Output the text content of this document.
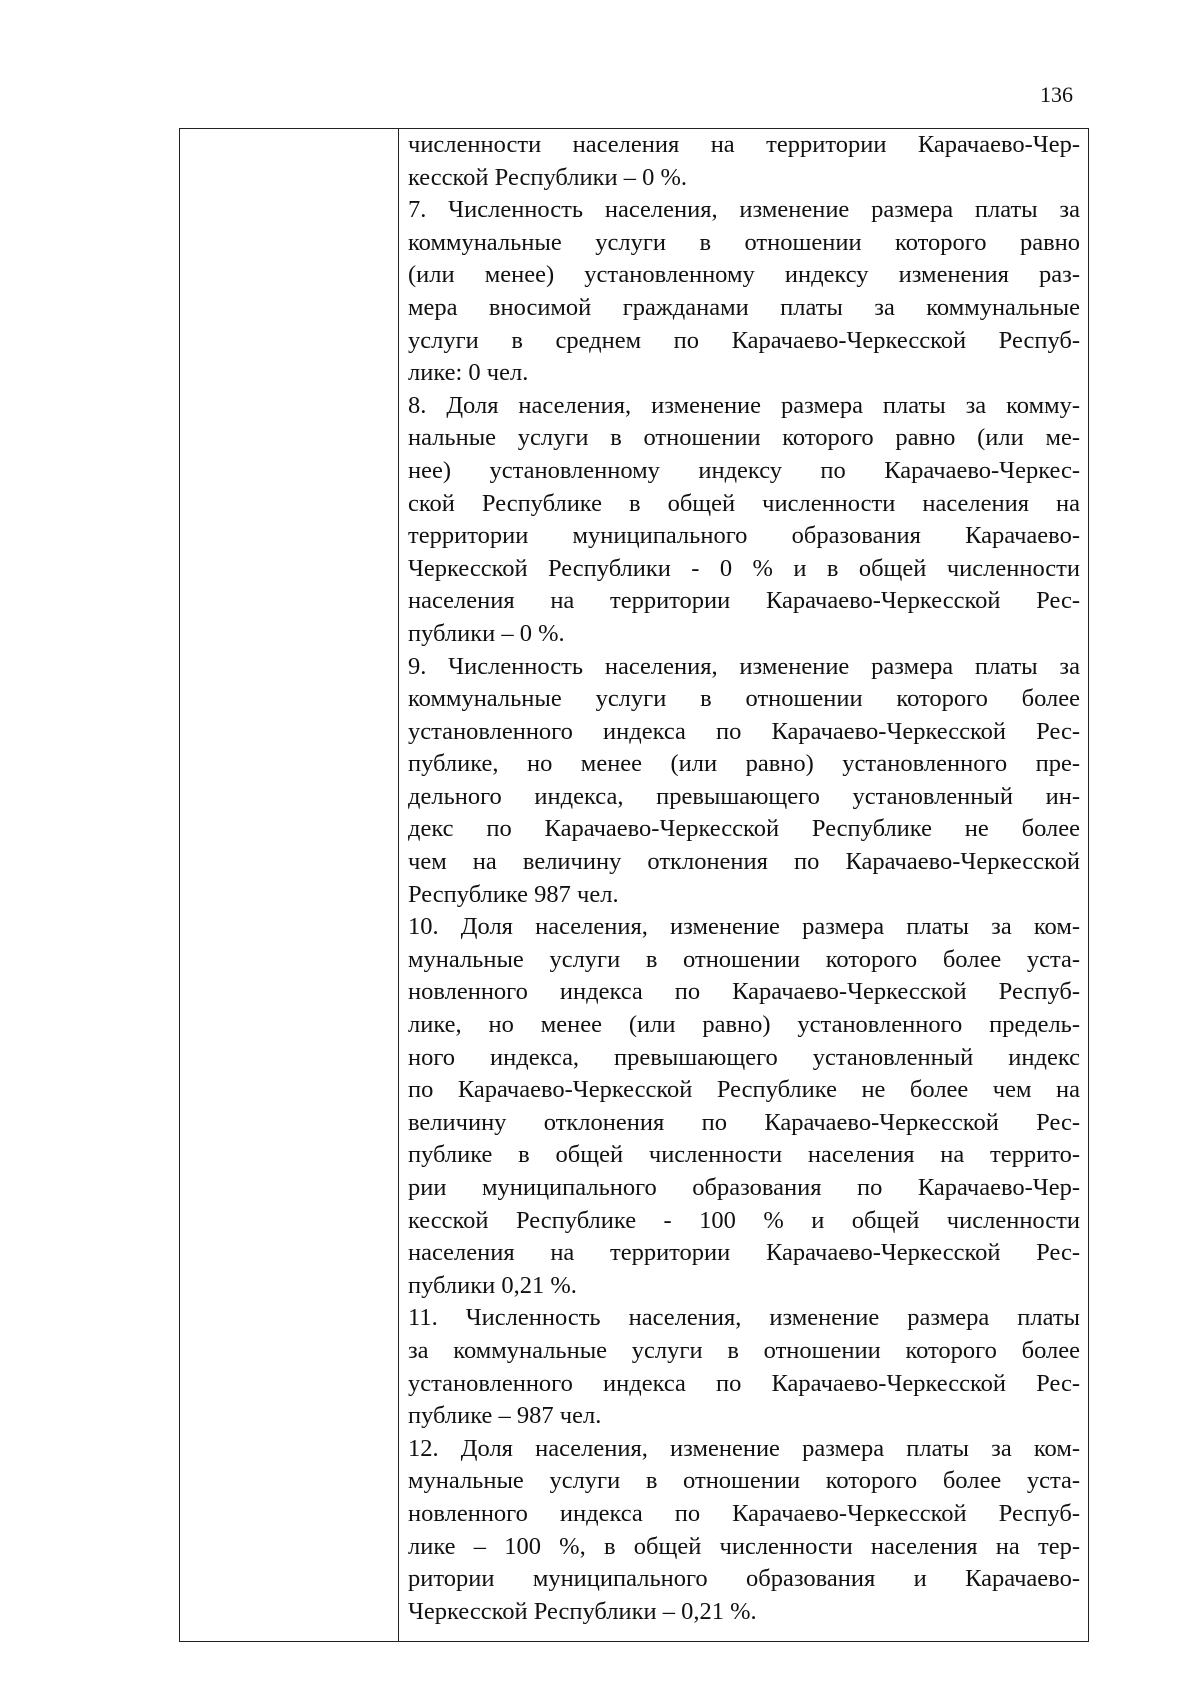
136
численности населения на территории Карачаево-Чер-
кесской Республики – 0 %.
7. Численность населения, изменение размера платы за
коммунальные услуги в отношении которого равно
(или менее) установленному индексу изменения раз-
мера вносимой гражданами платы за коммунальные
услуги в среднем по Карачаево-Черкесской Респуб-
лике: 0 чел.
8. Доля населения, изменение размера платы за комму-
нальные услуги в отношении которого равно (или ме-
нее) установленному индексу по Карачаево-Черкес-
ской Республике в общей численности населения на
территории муниципального образования Карачаево-
Черкесской Республики - 0 % и в общей численности
населения на территории Карачаево-Черкесской Рес-
публики – 0 %.
9. Численность населения, изменение размера платы за
коммунальные услуги в отношении которого более
установленного индекса по Карачаево-Черкесской Рес-
публике, но менее (или равно) установленного пре-
дельного индекса, превышающего установленный ин-
декс по Карачаево-Черкесской Республике не более
чем на величину отклонения по Карачаево-Черкесской
Республике 987 чел.
10. Доля населения, изменение размера платы за ком-
мунальные услуги в отношении которого более уста-
новленного индекса по Карачаево-Черкесской Респуб-
лике, но менее (или равно) установленного предель-
ного индекса, превышающего установленный индекс
по Карачаево-Черкесской Республике не более чем на
величину отклонения по Карачаево-Черкесской Рес-
публике в общей численности населения на террито-
рии муниципального образования по Карачаево-Чер-
кесской Республике - 100 % и общей численности
населения на территории Карачаево-Черкесской Рес-
публики 0,21 %.
11. Численность населения, изменение размера платы
за коммунальные услуги в отношении которого более
установленного индекса по Карачаево-Черкесской Рес-
публике – 987 чел.
12. Доля населения, изменение размера платы за ком-
мунальные услуги в отношении которого более уста-
новленного индекса по Карачаево-Черкесской Респуб-
лике – 100 %, в общей численности населения на тер-
ритории муниципального образования и Карачаево-
Черкесской Республики – 0,21 %.
